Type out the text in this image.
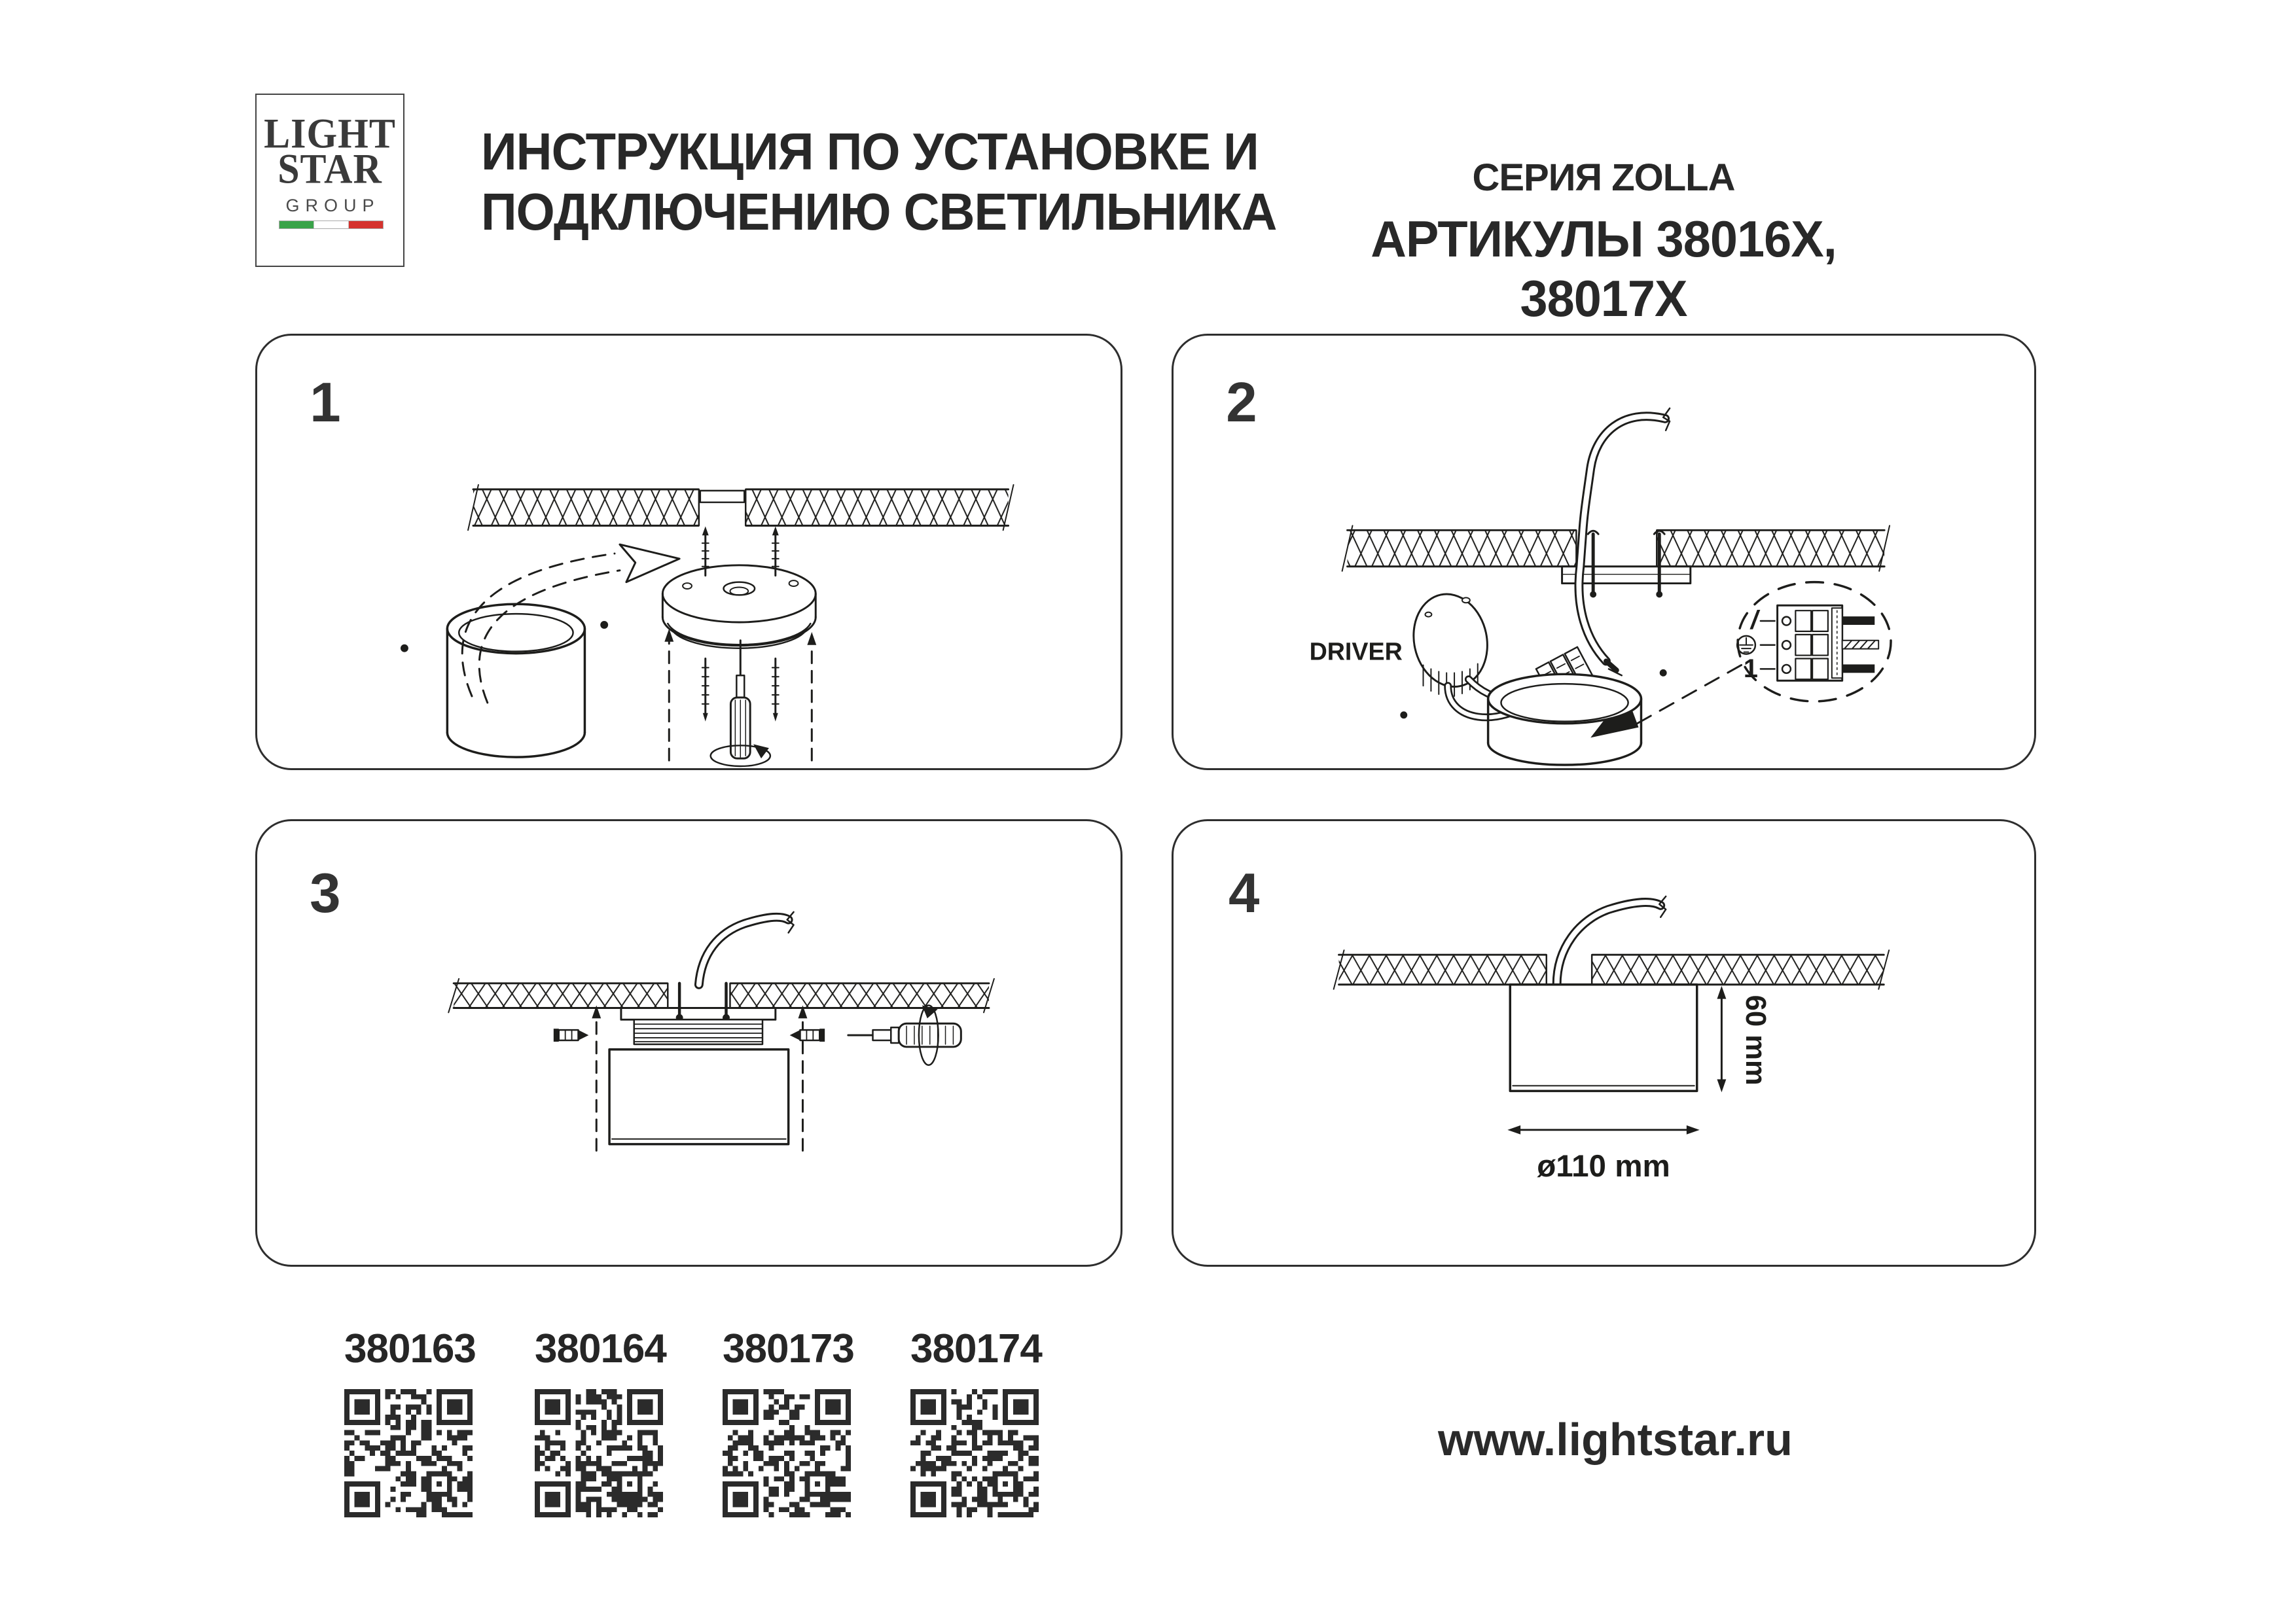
LIGHT
STAR
GROUP
ИНСТРУКЦИЯ ПО УСТАНОВКЕ И
ПОДКЛЮЧЕНИЮ СВЕТИЛЬНИКА
СЕРИЯ ZOLLA
АРТИКУЛЫ 38016X, 38017X
1	2
DRIVER
/
1
3	4
60 mm
ø110 mm
380163 380164 380173 380174
www.lightstar.ru
